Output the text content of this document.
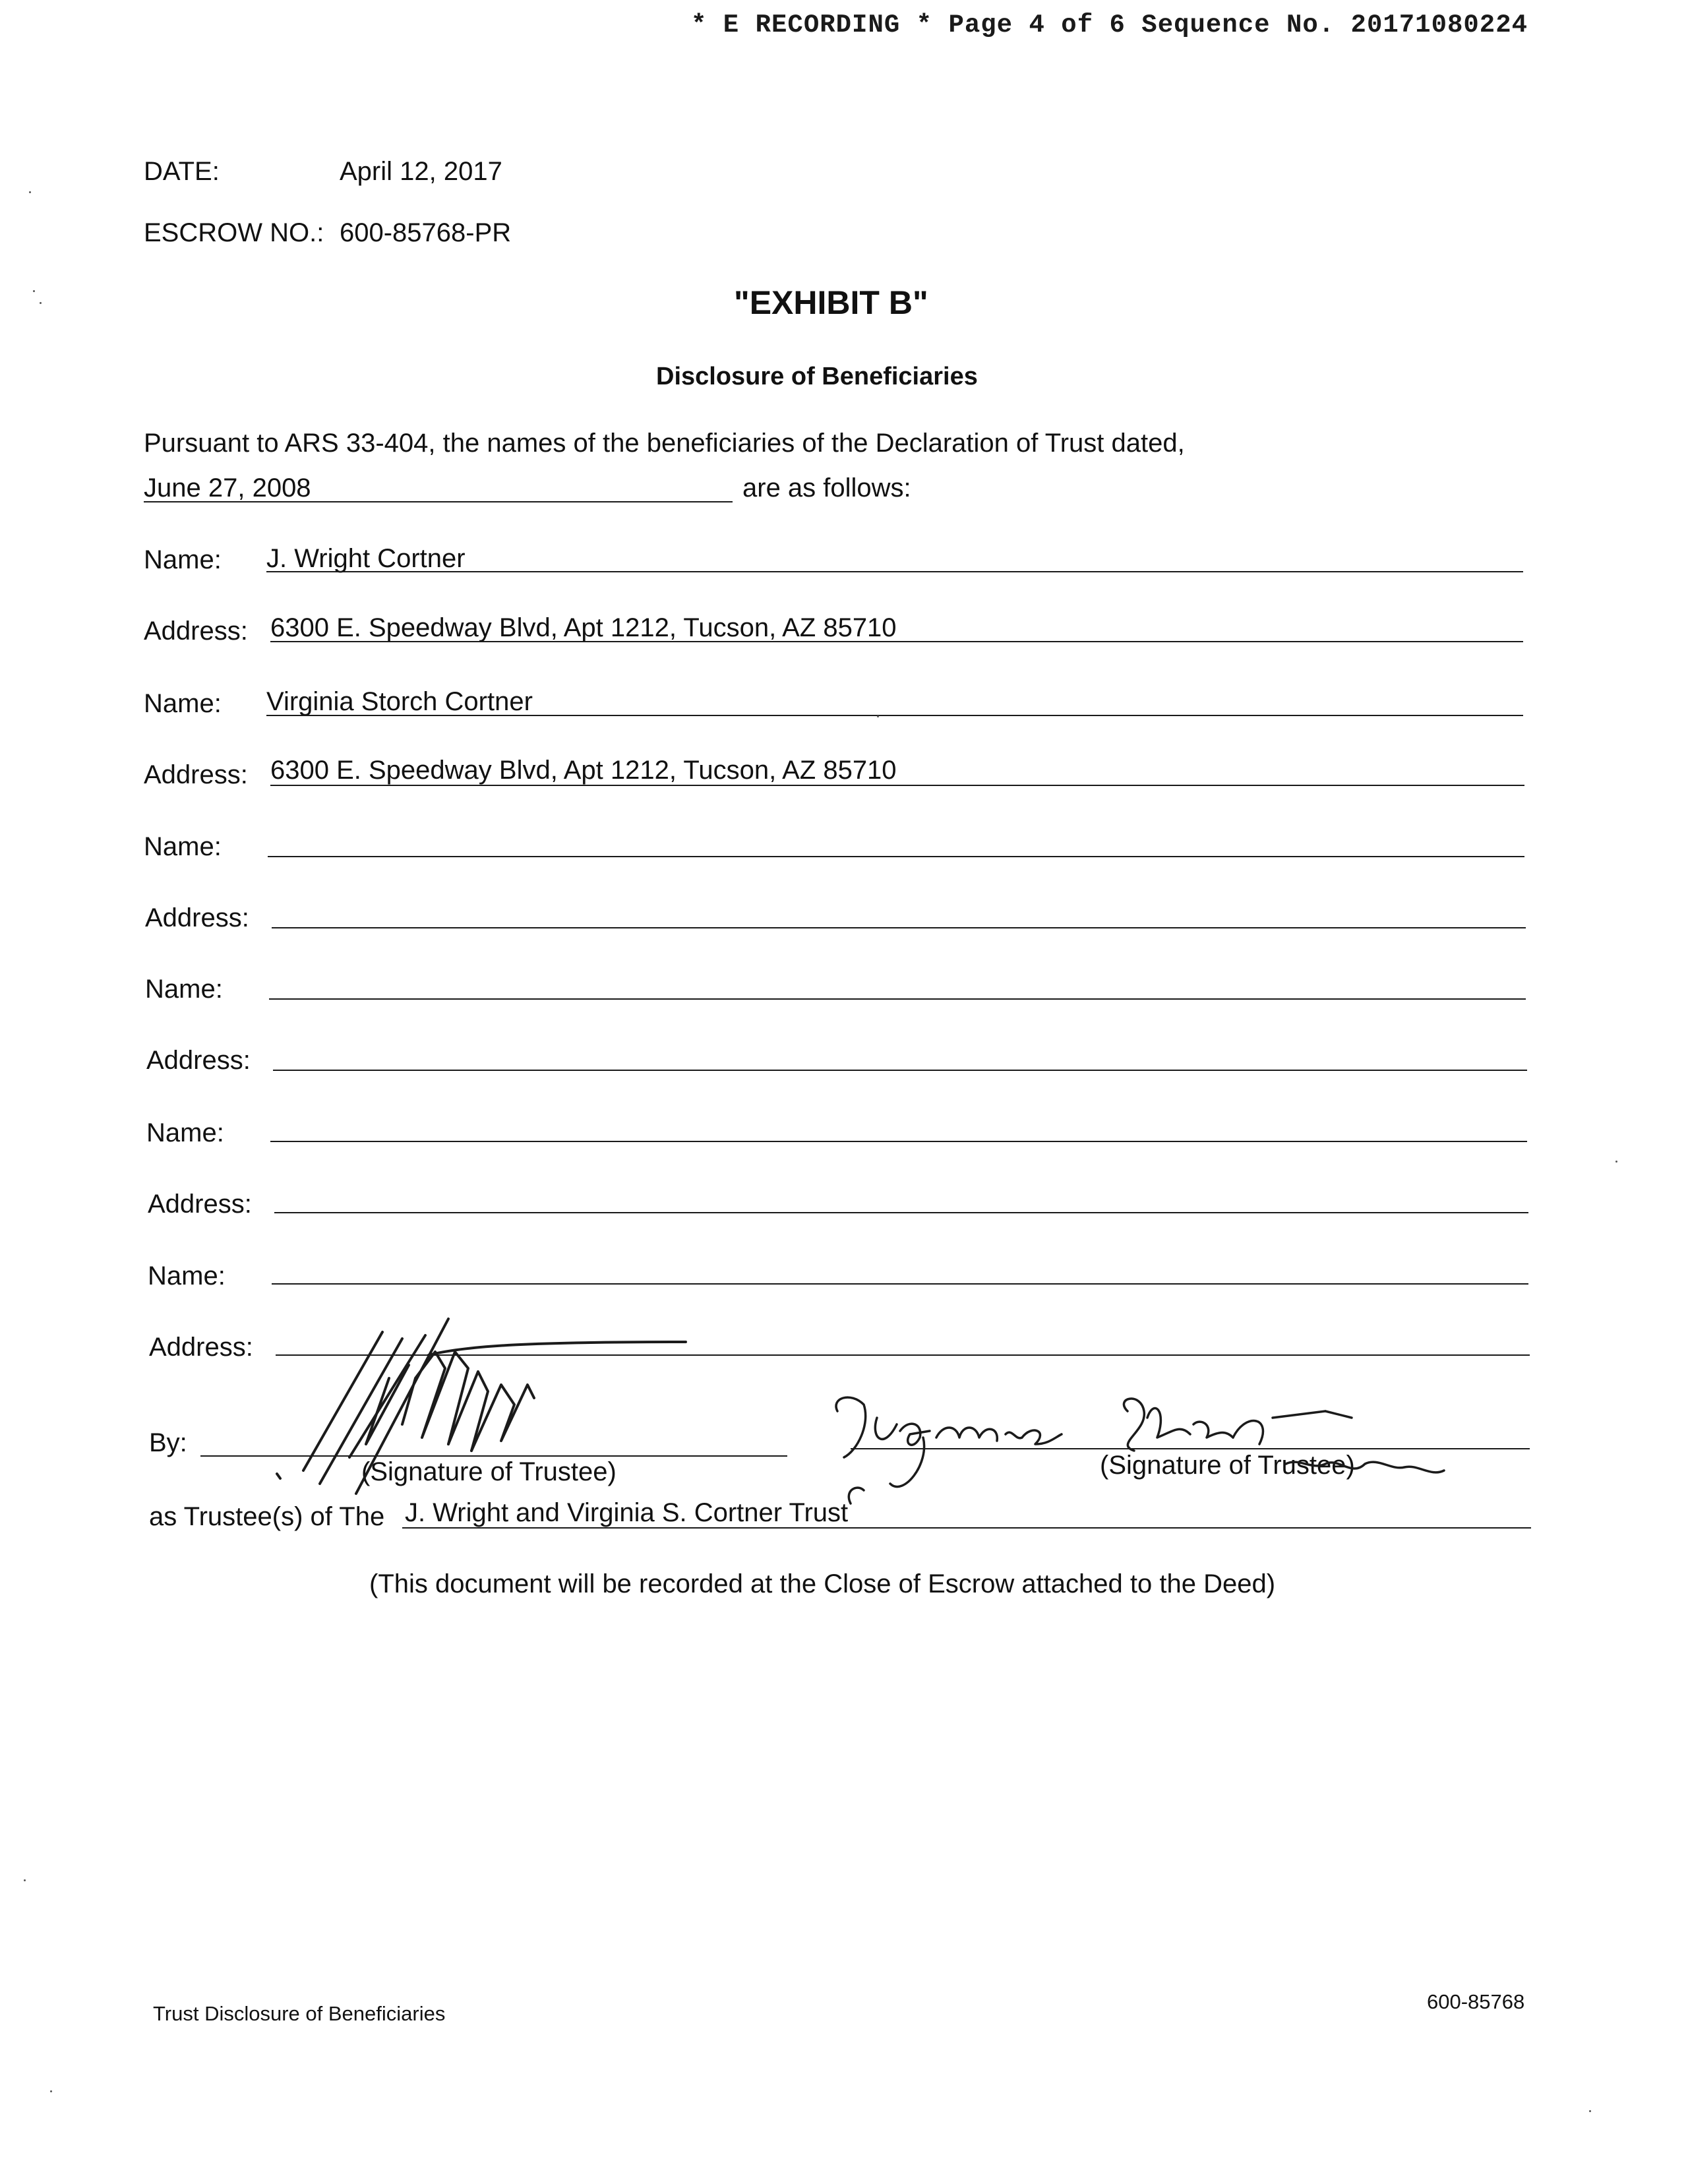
* E RECORDING * Page 4 of 6 Sequence No. 20171080224
DATE:	April 12, 2017
ESCROW NO.: 600-85768-PR
"EXHIBIT B"
Disclosure of Beneficiaries
Pursuant to ARS 33-404, the names of the beneficiaries of the Declaration of Trust dated,
June 27, 2008	are as follows:
Name: J. Wright Cortner
Address: 6300 E. Speedway Blvd, Apt 1212, Tucson, AZ 85710
Name: Virginia Storch Cortner
Address: 6300 E. Speedway Blvd, Apt 1212, Tucson, AZ 85710
Name:
Address:
Name:
Address:
Name:
Address:
Name:
Address:
By:
(Signature of Trustee)	(Signature of Trustee)
as Trustee(s) of The J. Wright and Virginia S. Cortner Trust
(This document will be recorded at the Close of Escrow attached to the Deed)
Trust Disclosure of Beneficiaries
600-85768
